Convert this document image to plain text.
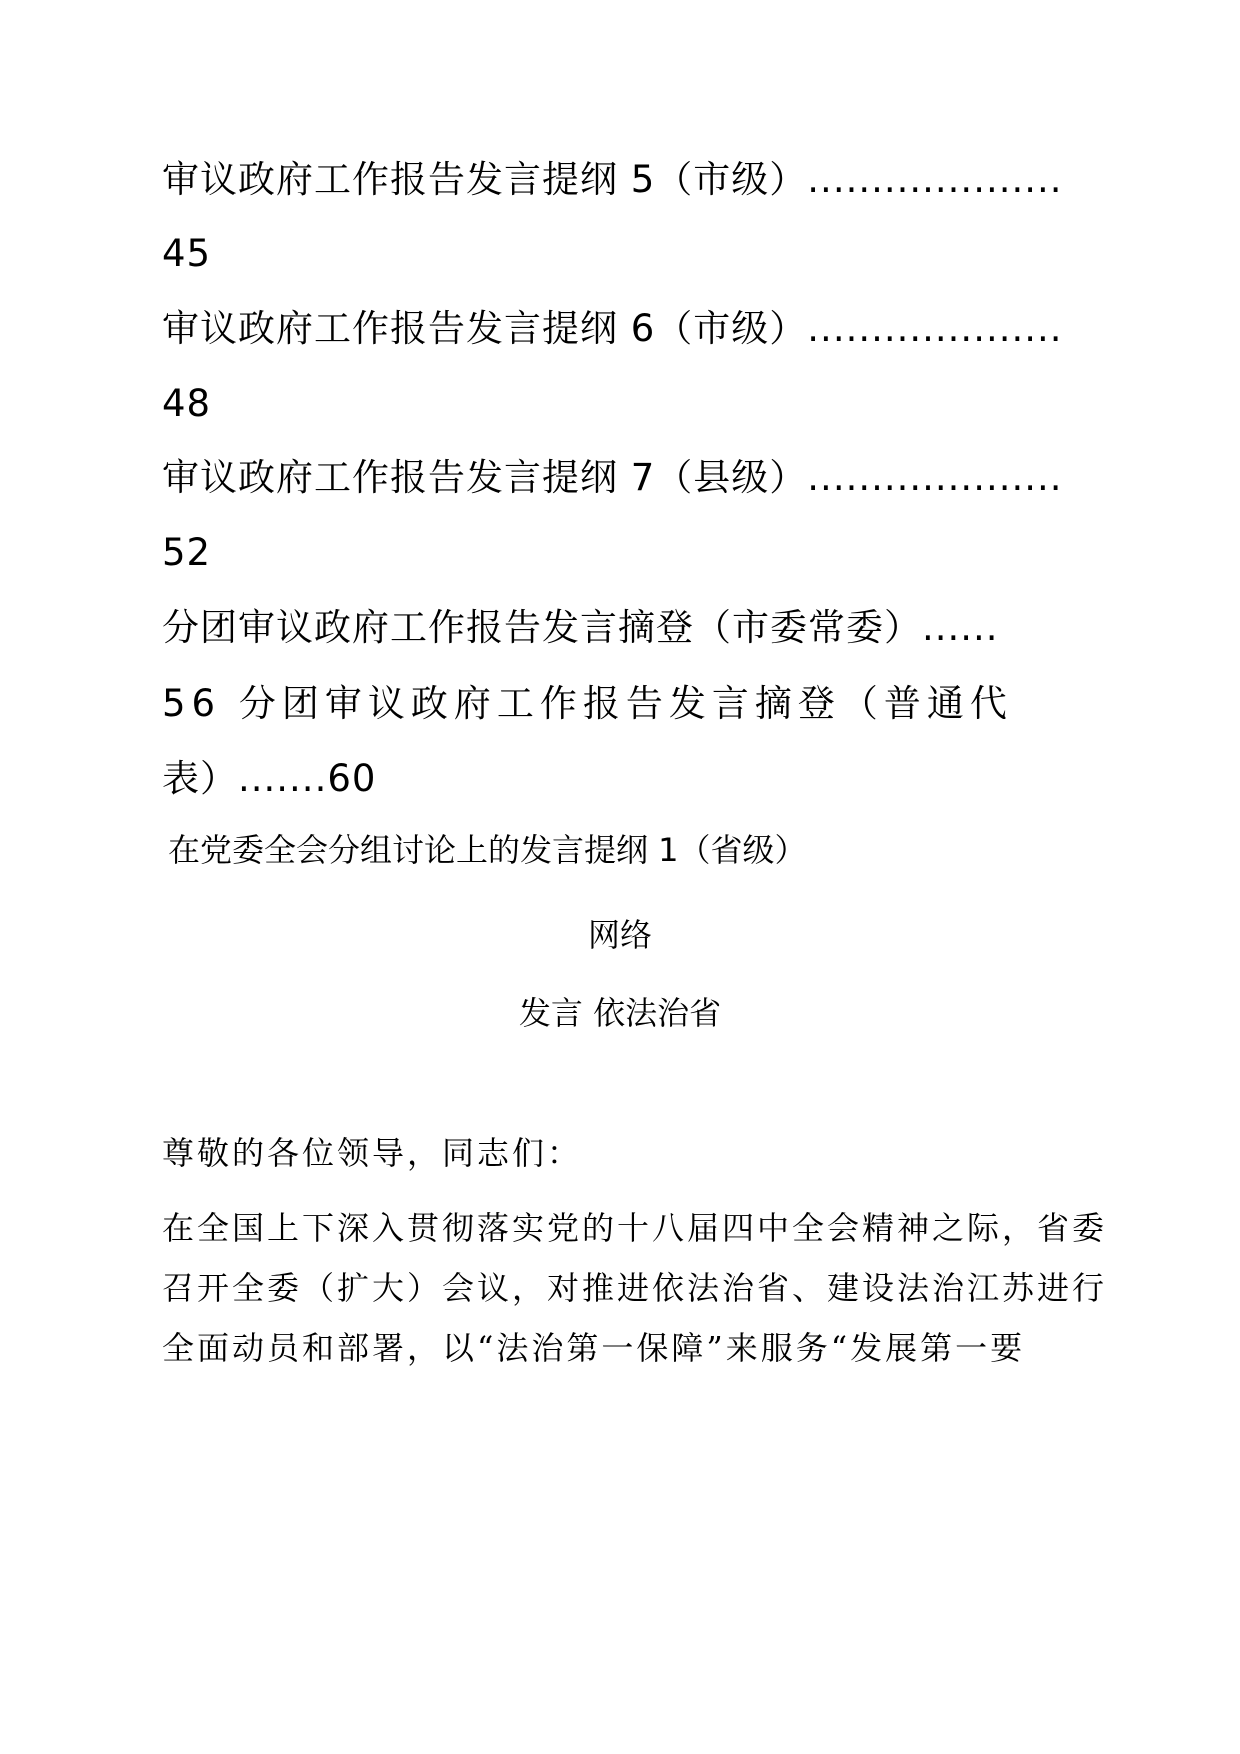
审议政府工作报告发言提纲 5（市级）....................
45
审议政府工作报告发言提纲 6（市级）....................
48
审议政府工作报告发言提纲 7（县级）....................
52
分团审议政府工作报告发言摘登（市委常委）......
56 分团审议政府工作报告发言摘登（普通代
表）.......60
在党委全会分组讨论上的发言提纲 1（省级）
网络
发言 依法治省
尊敬的各位领导，同志们：
在全国上下深入贯彻落实党的十八届四中全会精神之际，省委
召开全委（扩大）会议，对推进依法治省、建设法治江苏进行
全面动员和部署，以“法治第一保障”来服务“发展第一要
